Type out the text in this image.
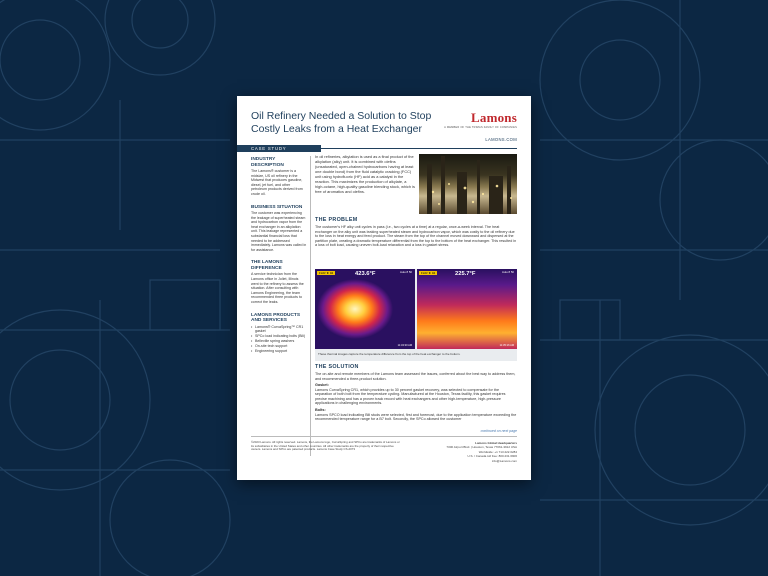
Oil Refinery Needed a Solution to Stop Costly Leaks from a Heat Exchanger
Lamons
A MEMBER OF THE TRIMAS FAMILY OF COMPANIES
LAMONS.COM
CASE STUDY
INDUSTRY DESCRIPTION
The Lamons® customer is a midsize, US oil refinery in the Midwest that produces gasoline, diesel, jet fuel, and other petroleum products derived from crude oil.
BUSINESS SITUATION
The customer was experiencing the leakage of superheated steam and hydrocarbon vapor from the heat exchanger in an alkylation unit. This leakage represented a substantial financial loss that needed to be addressed immediately. Lamons was called in for assistance.
THE LAMONS DIFFERENCE
A service technician from the Lamons office in Joliet, Illinois went to the refinery to assess the situation. After consulting with Lamons Engineering, the team recommended three products to correct the leaks.
LAMONS PRODUCTS AND SERVICES
• Lamons® CurvaSpring™ CR1 gasket
• SPCo load indicating bolts (Bili)
• Belleville spring washers
• On-site tech support
• Engineering support
In oil refineries, alkylation is used as a final product of the alkylation (alky) unit. It is combined with olefins (unsaturated, open-chained hydrocarbons having at least one double bond) from the fluid catalytic cracking (FCC) unit using hydrofluoric (HF) acid as a catalyst in the reaction. This maximizes the production of alkylate, a high-octane, high-quality gasoline blending stock, which is free of aromatics and olefins.
THE PROBLEM
The customer's HF alky unit cycles in pass (i.e., two cycles at a time) at a regular, once-a-week interval. The heat exchanger on the alky unit was leaking superheated steam and hydrocarbon vapor, which was costly to the oil refinery due to the loss in heat energy and feed product. The steam from the top of the channel moved downward and dispersed at the partition plate, creating a dramatic temperature differential from the top to the bottom of the heat exchanger. This resulted in a loss of bolt load, causing uneven bolt-load relaxation and a loss in gasket stress.
FLIR ★ 04	423.6°F	Auto 8 50
11:34:30 AM
FLIR ★ 04	225.7°F	Auto 8 50
11:35:16 AM
These thermal images capture the temperature difference from the top of the heat exchanger to the bottom.
THE SOLUTION
The on-site and remote members of the Lamons team assessed the issues, conferred about the best way to address them, and recommended a three-product solution.
Gasket:
Lamons CurvaSpring CR1, which provides up to 30 percent gasket recovery, was selected to compensate for the separation of both bolt from the temperature cycling. Manufactured at the Houston, Texas facility, this gasket requires precise machining and has a proven track record with heat exchangers and other high-temperature, high-pressure applications in challenging environments.
Bolts:
Lamons SPCO load indicating Bili studs were selected, first and foremost, due to the application temperature exceeding the recommended temperature range for a B7 bolt. Secondly, the SPCo allowed the customer
continued on next page
©2023 Lamons. All rights reserved. Lamons, the Lamons logo, CurvaSpring and SPCo are trademarks of Lamons or its subsidiaries in the United States and other countries. All other trademarks are the property of their respective owners. Lamons and SPCo are patented products. Lamons Case Study CS-2073
Lamons Global Headquarters
7300 Airport Blvd. | Houston, Texas 77061-3912 USA
Worldwide: +1 713.222.0284
U.S. / Canada toll free: 800.231.6906
info@Lamons.com
